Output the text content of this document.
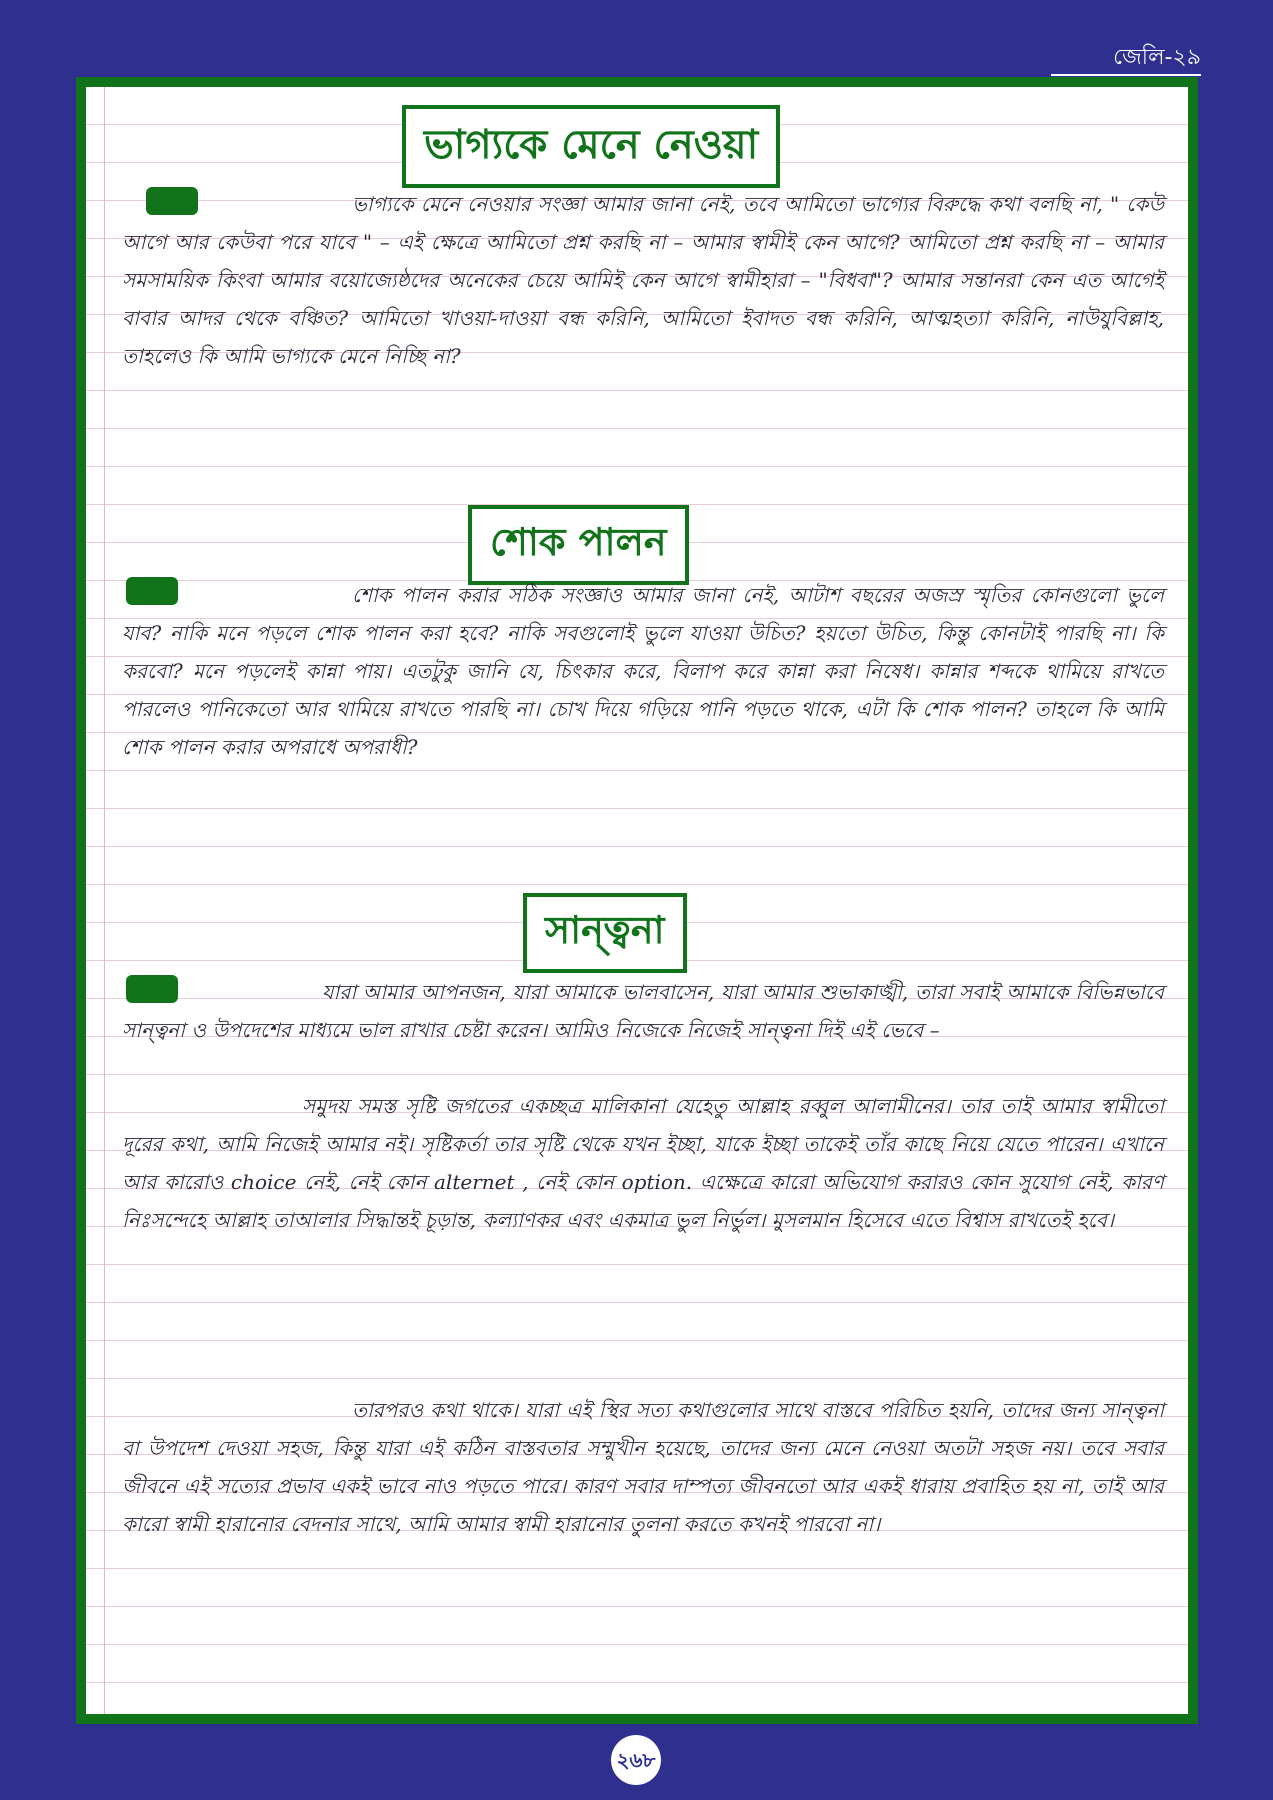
জেলি-২৯
ভাগ্যকে মেনে নেওয়া
ভাগ্যকে মেনে নেওয়ার সংজ্ঞা আমার জানা নেই, তবে আমিতো ভাগ্যের বিরুদ্ধে কথা বলছি না, " কেউ আগে আর কেউবা পরে যাবে " – এই ক্ষেত্রে আমিতো প্রশ্ন করছি না – আমার স্বামীই কেন আগে? আমিতো প্রশ্ন করছি না – আমার সমসাময়িক কিংবা আমার বয়োজ্যেষ্ঠদের অনেকের চেয়ে আমিই কেন আগে স্বামীহারা – "বিধবা"? আমার সন্তানরা কেন এত আগেই বাবার আদর থেকে বঞ্চিত? আমিতো খাওয়া-দাওয়া বন্ধ করিনি, আমিতো ইবাদত বন্ধ করিনি, আত্মহত্যা করিনি, নাউযুবিল্লাহ, তাহলেও কি আমি ভাগ্যকে মেনে নিচ্ছি না?
শোক পালন
শোক পালন করার সঠিক সংজ্ঞাও আমার জানা নেই, আটাশ বছরের অজস্র স্মৃতির কোনগুলো ভুলে যাব? নাকি মনে পড়লে শোক পালন করা হবে? নাকি সবগুলোই ভুলে যাওয়া উচিত? হয়তো উচিত, কিন্তু কোনটাই পারছি না। কি করবো? মনে পড়লেই কান্না পায়। এতটুকু জানি যে, চিৎকার করে, বিলাপ করে কান্না করা নিষেধ। কান্নার শব্দকে থামিয়ে রাখতে পারলেও পানিকেতো আর থামিয়ে রাখতে পারছি না। চোখ দিয়ে গড়িয়ে পানি পড়তে থাকে, এটা কি শোক পালন? তাহলে কি আমি শোক পালন করার অপরাধে অপরাধী?
সান্ত্বনা
যারা আমার আপনজন, যারা আমাকে ভালবাসেন, যারা আমার শুভাকাঙ্খী, তারা সবাই আমাকে বিভিন্নভাবে সান্ত্বনা ও উপদেশের মাধ্যমে ভাল রাখার চেষ্টা করেন। আমিও নিজেকে নিজেই সান্ত্বনা দিই এই ভেবে –
সমুদয় সমস্ত সৃষ্টি জগতের একচ্ছত্র মালিকানা যেহেতু আল্লাহ রব্বুল আলামীনের। তার তাই আমার স্বামীতো দূরের কথা, আমি নিজেই আমার নই। সৃষ্টিকর্তা তার সৃষ্টি থেকে যখন ইচ্ছা, যাকে ইচ্ছা তাকেই তাঁর কাছে নিয়ে যেতে পারেন। এখানে আর কারোও choice নেই, নেই কোন alternet , নেই কোন option. এক্ষেত্রে কারো অভিযোগ করারও কোন সুযোগ নেই, কারণ নিঃসন্দেহে আল্লাহ তাআলার সিদ্ধান্তই চূড়ান্ত, কল্যাণকর এবং একমাত্র ভুল নির্ভুল। মুসলমান হিসেবে এতে বিশ্বাস রাখতেই হবে।
তারপরও কথা থাকে। যারা এই স্থির সত্য কথাগুলোর সাথে বাস্তবে পরিচিত হয়নি, তাদের জন্য সান্ত্বনা বা উপদেশ দেওয়া সহজ, কিন্তু যারা এই কঠিন বাস্তবতার সম্মুখীন হয়েছে, তাদের জন্য মেনে নেওয়া অতটা সহজ নয়। তবে সবার জীবনে এই সত্যের প্রভাব একই ভাবে নাও পড়তে পারে। কারণ সবার দাম্পত্য জীবনতো আর একই ধারায় প্রবাহিত হয় না, তাই আর কারো স্বামী হারানোর বেদনার সাথে, আমি আমার স্বামী হারানোর তুলনা করতে কখনই পারবো না।
২৬৮
